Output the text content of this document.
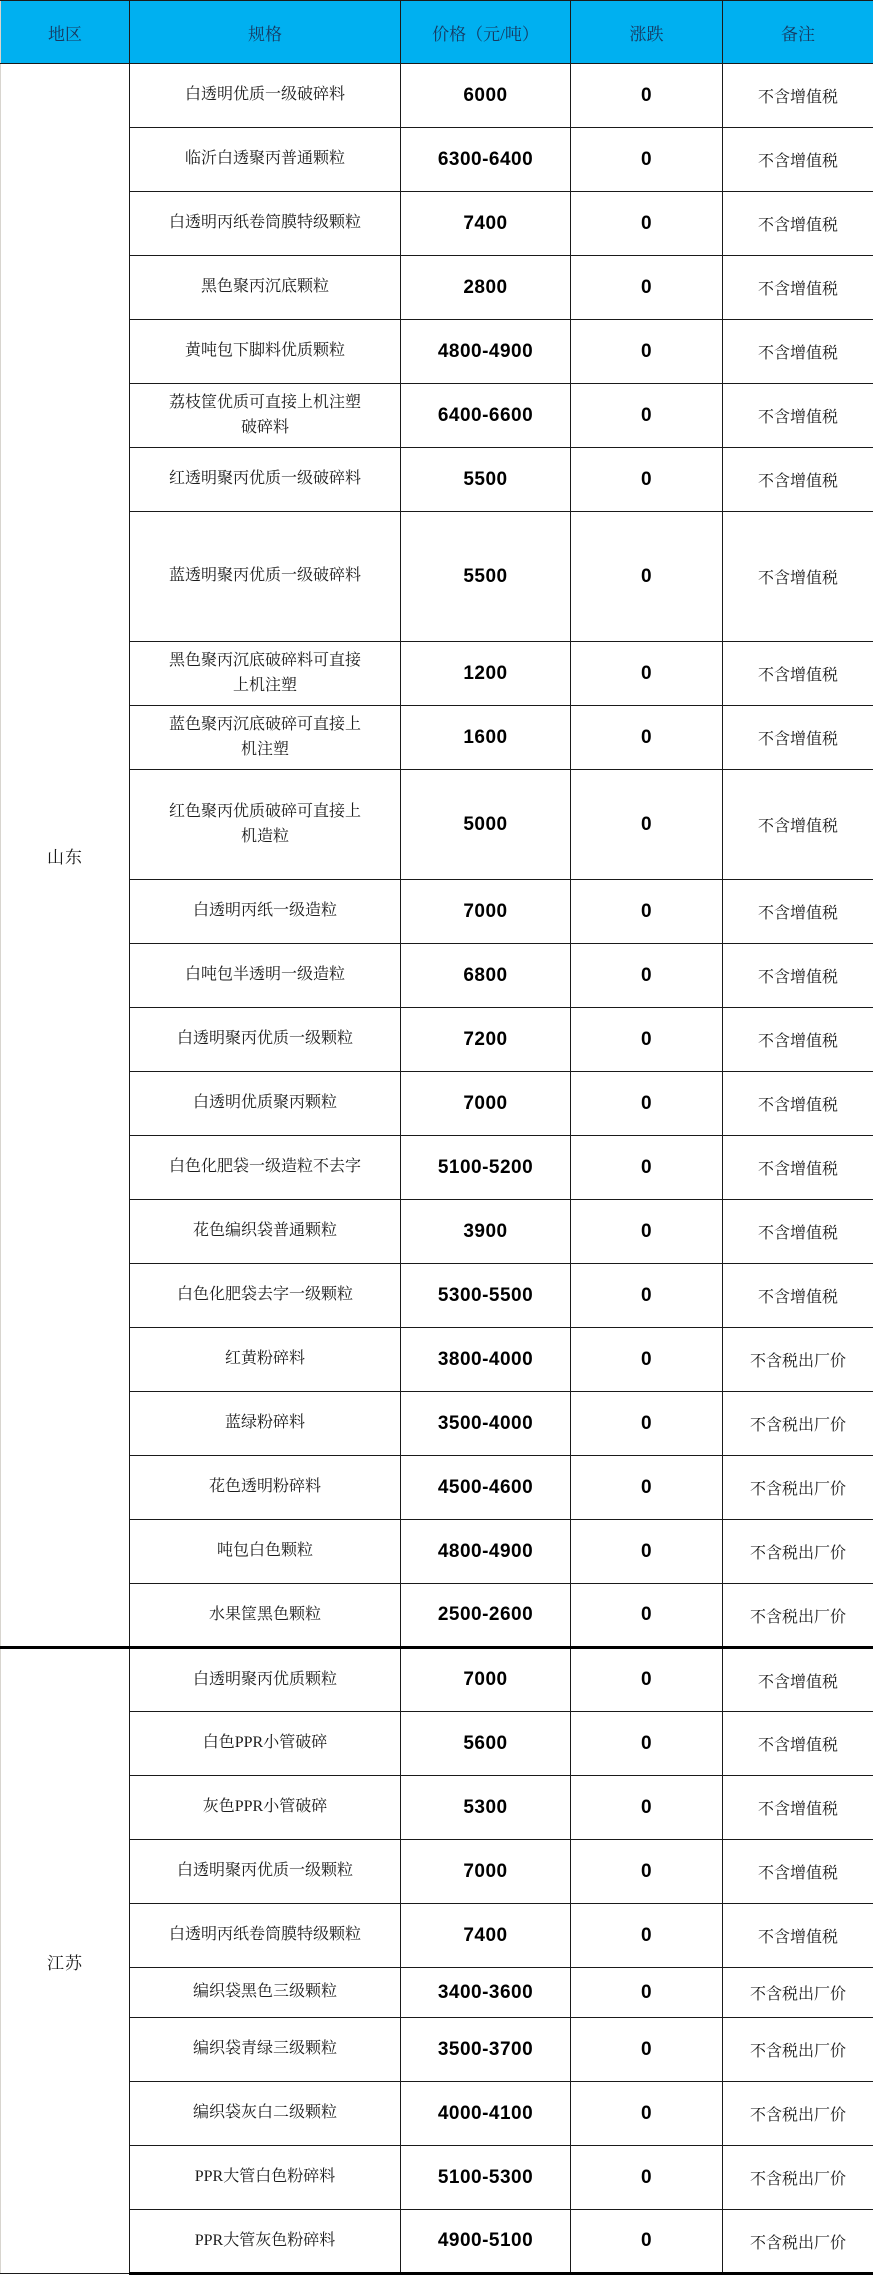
地区	规格	价格（元/吨）	涨跌	备注
山东	白透明优质一级破碎料	6000	0	不含增值税
	临沂白透聚丙普通颗粒	6300-6400	0	不含增值税
	白透明丙纸卷筒膜特级颗粒	7400	0	不含增值税
	黑色聚丙沉底颗粒	2800	0	不含增值税
	黄吨包下脚料优质颗粒	4800-4900	0	不含增值税
	荔枝筐优质可直接上机注塑破碎料	6400-6600	0	不含增值税
	红透明聚丙优质一级破碎料	5500	0	不含增值税
	蓝透明聚丙优质一级破碎料	5500	0	不含增值税
	黑色聚丙沉底破碎料可直接上机注塑	1200	0	不含增值税
	蓝色聚丙沉底破碎可直接上机注塑	1600	0	不含增值税
	红色聚丙优质破碎可直接上机造粒	5000	0	不含增值税
	白透明丙纸一级造粒	7000	0	不含增值税
	白吨包半透明一级造粒	6800	0	不含增值税
	白透明聚丙优质一级颗粒	7200	0	不含增值税
	白透明优质聚丙颗粒	7000	0	不含增值税
	白色化肥袋一级造粒不去字	5100-5200	0	不含增值税
	花色编织袋普通颗粒	3900	0	不含增值税
	白色化肥袋去字一级颗粒	5300-5500	0	不含增值税
	红黄粉碎料	3800-4000	0	不含税出厂价
	蓝绿粉碎料	3500-4000	0	不含税出厂价
	花色透明粉碎料	4500-4600	0	不含税出厂价
	吨包白色颗粒	4800-4900	0	不含税出厂价
	水果筐黑色颗粒	2500-2600	0	不含税出厂价
江苏	白透明聚丙优质颗粒	7000	0	不含增值税
	白色PPR小管破碎	5600	0	不含增值税
	灰色PPR小管破碎	5300	0	不含增值税
	白透明聚丙优质一级颗粒	7000	0	不含增值税
	白透明丙纸卷筒膜特级颗粒	7400	0	不含增值税
	编织袋黑色三级颗粒	3400-3600	0	不含税出厂价
	编织袋青绿三级颗粒	3500-3700	0	不含税出厂价
	编织袋灰白二级颗粒	4000-4100	0	不含税出厂价
	PPR大管白色粉碎料	5100-5300	0	不含税出厂价
	PPR大管灰色粉碎料	4900-5100	0	不含税出厂价
